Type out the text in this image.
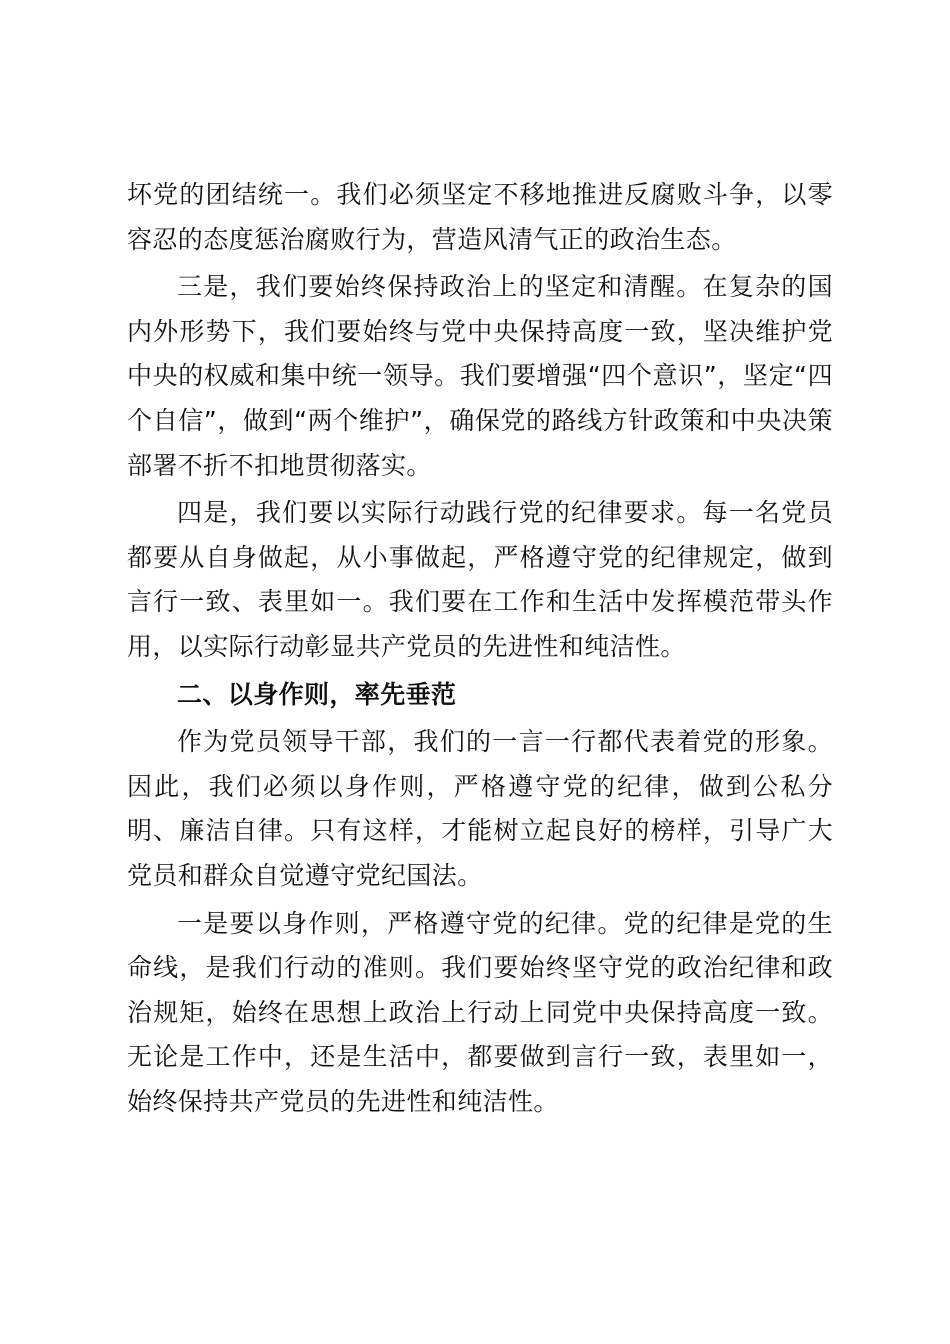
坏党的团结统一。我们必须坚定不移地推进反腐败斗争，以零容忍的态度惩治腐败行为，营造风清气正的政治生态。

三是，我们要始终保持政治上的坚定和清醒。在复杂的国内外形势下，我们要始终与党中央保持高度一致，坚决维护党中央的权威和集中统一领导。我们要增强“四个意识”，坚定“四个自信”，做到“两个维护”，确保党的路线方针政策和中央决策部署不折不扣地贯彻落实。

四是，我们要以实际行动践行党的纪律要求。每一名党员都要从自身做起，从小事做起，严格遵守党的纪律规定，做到言行一致、表里如一。我们要在工作和生活中发挥模范带头作用，以实际行动彰显共产党员的先进性和纯洁性。

二、以身作则，率先垂范

作为党员领导干部，我们的一言一行都代表着党的形象。因此，我们必须以身作则，严格遵守党的纪律，做到公私分明、廉洁自律。只有这样，才能树立起良好的榜样，引导广大党员和群众自觉遵守党纪国法。

一是要以身作则，严格遵守党的纪律。党的纪律是党的生命线，是我们行动的准则。我们要始终坚守党的政治纪律和政治规矩，始终在思想上政治上行动上同党中央保持高度一致。无论是工作中，还是生活中，都要做到言行一致，表里如一，始终保持共产党员的先进性和纯洁性。
